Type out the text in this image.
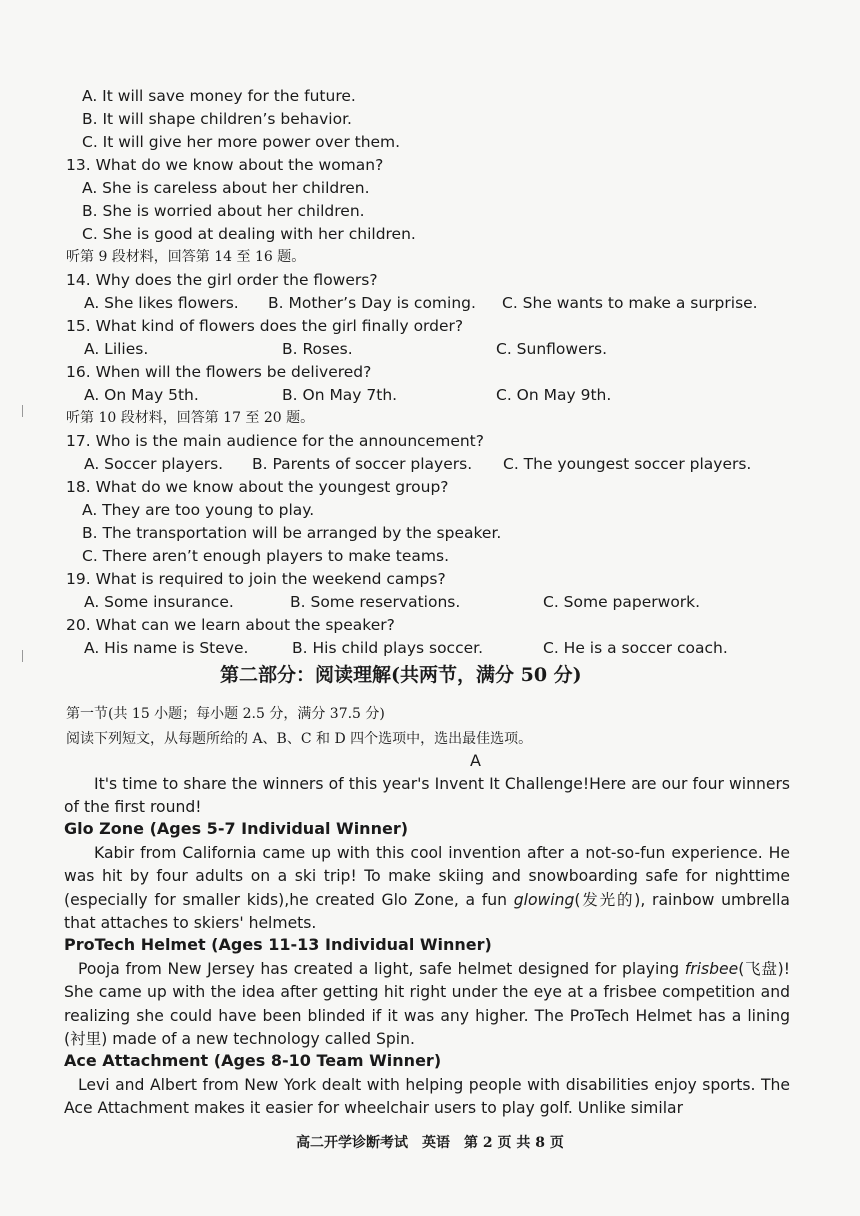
A. It will save money for the future.
B. It will shape children’s behavior.
C. It will give her more power over them.
13. What do we know about the woman?
A. She is careless about her children.
B. She is worried about her children.
C. She is good at dealing with her children.
听第 9 段材料，回答第 14 至 16 题。
14. Why does the girl order the flowers?
A. She likes flowers. B. Mother’s Day is coming. C. She wants to make a surprise.
15. What kind of flowers does the girl finally order?
A. Lilies.	B. Roses.	C. Sunflowers.
16. When will the flowers be delivered?
A. On May 5th.	B. On May 7th.	C. On May 9th.
听第 10 段材料，回答第 17 至 20 题。
17. Who is the main audience for the announcement?
A. Soccer players. B. Parents of soccer players. C. The youngest soccer players.
18. What do we know about the youngest group?
A. They are too young to play.
B. The transportation will be arranged by the speaker.
C. There aren’t enough players to make teams.
19. What is required to join the weekend camps?
A. Some insurance.	B. Some reservations.	C. Some paperwork.
20. What can we learn about the speaker?
A. His name is Steve.	B. His child plays soccer.	C. He is a soccer coach.
第二部分：阅读理解(共两节，满分 50 分)
第一节(共 15 小题；每小题 2.5 分，满分 37.5 分)
阅读下列短文，从每题所给的 A、B、C 和 D 四个选项中，选出最佳选项。
A
It's time to share the winners of this year's Invent It Challenge!Here are our four winners of the first round!
Glo Zone (Ages 5-7 Individual Winner)
Kabir from California came up with this cool invention after a not-so-fun experience. He was hit by four adults on a ski trip! To make skiing and snowboarding safe for nighttime (especially for smaller kids),he created Glo Zone, a fun glowing(发光的), rainbow umbrella that attaches to skiers' helmets.
ProTech Helmet (Ages 11-13 Individual Winner)
Pooja from New Jersey has created a light, safe helmet designed for playing frisbee(飞盘)! She came up with the idea after getting hit right under the eye at a frisbee competition and realizing she could have been blinded if it was any higher. The ProTech Helmet has a lining (衬里) made of a new technology called Spin.
Ace Attachment (Ages 8-10 Team Winner)
Levi and Albert from New York dealt with helping people with disabilities enjoy sports. The Ace Attachment makes it easier for wheelchair users to play golf. Unlike similar
高二开学诊断考试　英语　第 2 页 共 8 页
